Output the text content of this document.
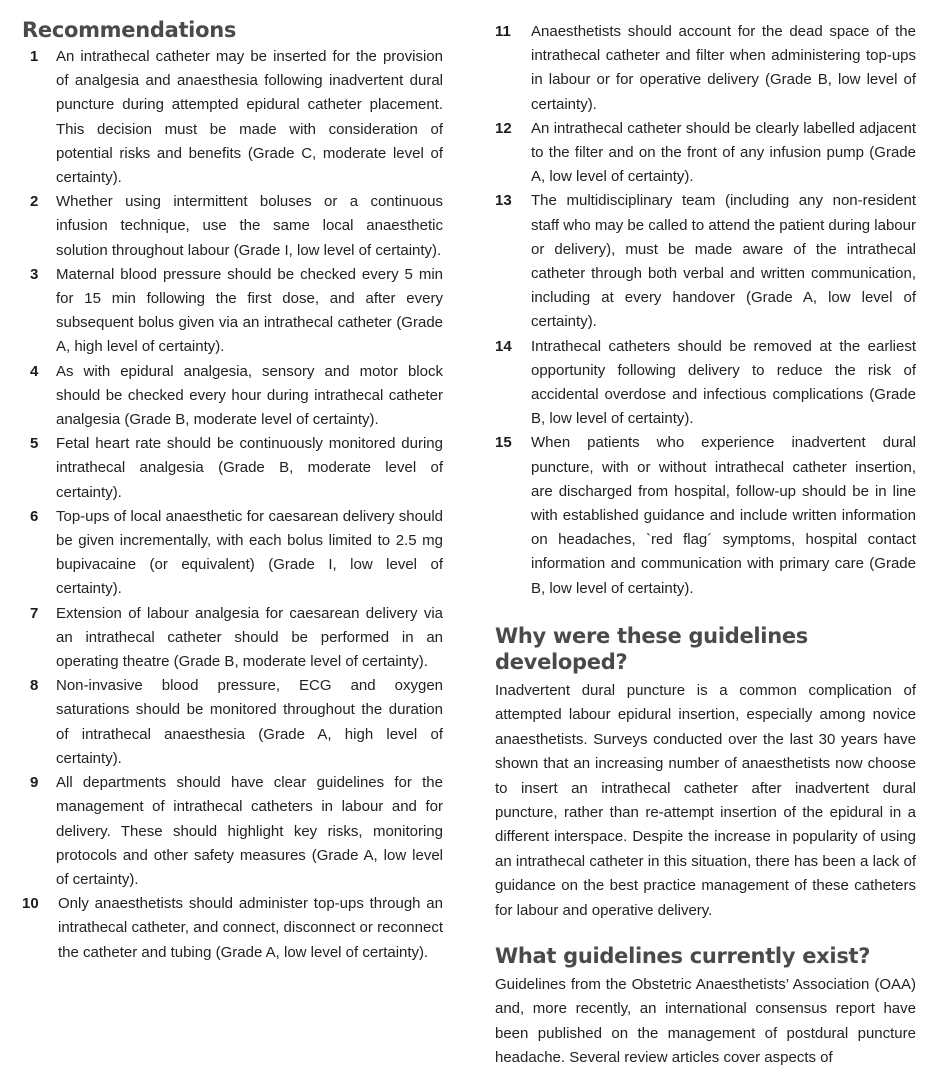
Recommendations
1	An intrathecal catheter may be inserted for the provision of analgesia and anaesthesia following inadvertent dural puncture during attempted epidural catheter placement. This decision must be made with consideration of potential risks and benefits (Grade C, moderate level of certainty).
2	Whether using intermittent boluses or a continuous infusion technique, use the same local anaesthetic solution throughout labour (Grade I, low level of certainty).
3	Maternal blood pressure should be checked every 5 min for 15 min following the first dose, and after every subsequent bolus given via an intrathecal catheter (Grade A, high level of certainty).
4	As with epidural analgesia, sensory and motor block should be checked every hour during intrathecal catheter analgesia (Grade B, moderate level of certainty).
5	Fetal heart rate should be continuously monitored during intrathecal analgesia (Grade B, moderate level of certainty).
6	Top-ups of local anaesthetic for caesarean delivery should be given incrementally, with each bolus limited to 2.5 mg bupivacaine (or equivalent) (Grade I, low level of certainty).
7	Extension of labour analgesia for caesarean delivery via an intrathecal catheter should be performed in an operating theatre (Grade B, moderate level of certainty).
8	Non-invasive blood pressure, ECG and oxygen saturations should be monitored throughout the duration of intrathecal anaesthesia (Grade A, high level of certainty).
9	All departments should have clear guidelines for the management of intrathecal catheters in labour and for delivery. These should highlight key risks, monitoring protocols and other safety measures (Grade A, low level of certainty).
10	Only anaesthetists should administer top-ups through an intrathecal catheter, and connect, disconnect or reconnect the catheter and tubing (Grade A, low level of certainty).
11	Anaesthetists should account for the dead space of the intrathecal catheter and filter when administering top-ups in labour or for operative delivery (Grade B, low level of certainty).
12	An intrathecal catheter should be clearly labelled adjacent to the filter and on the front of any infusion pump (Grade A, low level of certainty).
13	The multidisciplinary team (including any non-resident staff who may be called to attend the patient during labour or delivery), must be made aware of the intrathecal catheter through both verbal and written communication, including at every handover (Grade A, low level of certainty).
14	Intrathecal catheters should be removed at the earliest opportunity following delivery to reduce the risk of accidental overdose and infectious complications (Grade B, low level of certainty).
15	When patients who experience inadvertent dural puncture, with or without intrathecal catheter insertion, are discharged from hospital, follow-up should be in line with established guidance and include written information on headaches, `red flag´ symptoms, hospital contact information and communication with primary care (Grade B, low level of certainty).
Why were these guidelines developed?
Inadvertent dural puncture is a common complication of attempted labour epidural insertion, especially among novice anaesthetists. Surveys conducted over the last 30 years have shown that an increasing number of anaesthetists now choose to insert an intrathecal catheter after inadvertent dural puncture, rather than re-attempt insertion of the epidural in a different interspace. Despite the increase in popularity of using an intrathecal catheter in this situation, there has been a lack of guidance on the best practice management of these catheters for labour and operative delivery.
What guidelines currently exist?
Guidelines from the Obstetric Anaesthetists’ Association (OAA) and, more recently, an international consensus report have been published on the management of postdural puncture headache. Several review articles cover aspects of
